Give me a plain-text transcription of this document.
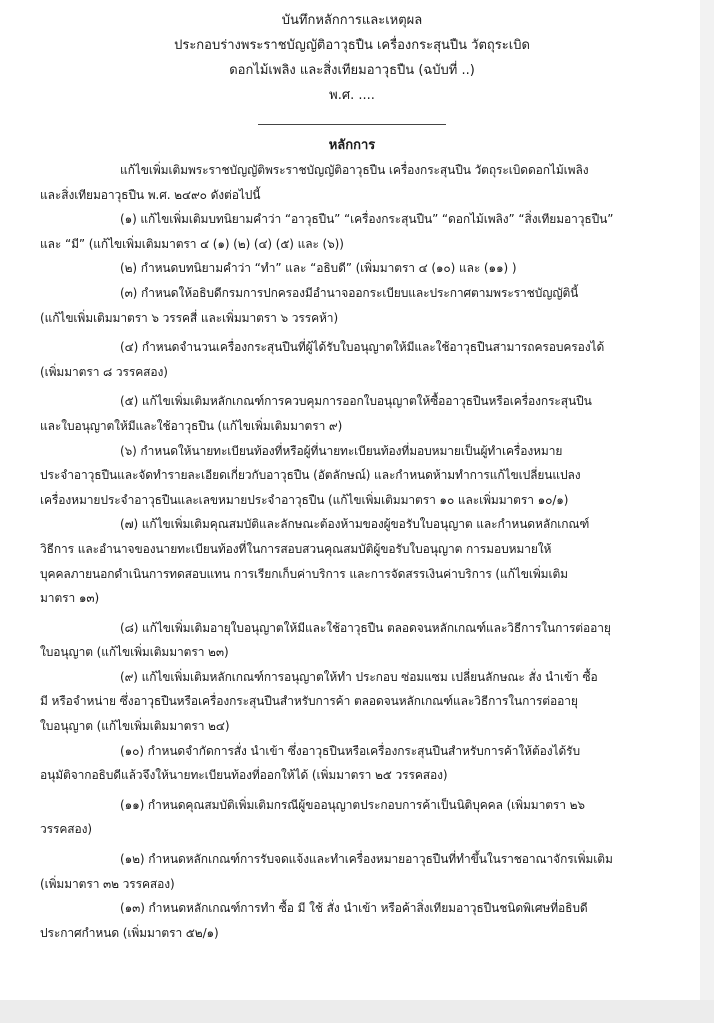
บันทึกหลักการและเหตุผล
ประกอบร่างพระราชบัญญัติอาวุธปืน เครื่องกระสุนปืน วัตถุระเบิด
ดอกไม้เพลิง และสิ่งเทียมอาวุธปืน (ฉบับที่ ..)
พ.ศ. ....
หลักการ

แก้ไขเพิ่มเติมพระราชบัญญัติพระราชบัญญัติอาวุธปืน เครื่องกระสุนปืน วัตถุระเบิดดอกไม้เพลิง
และสิ่งเทียมอาวุธปืน พ.ศ. ๒๔๙๐ ดังต่อไปนี้

(๑) แก้ไขเพิ่มเติมบทนิยามคำว่า “อาวุธปืน” “เครื่องกระสุนปืน” “ดอกไม้เพลิง” “สิ่งเทียมอาวุธปืน”
และ “มี” (แก้ไขเพิ่มเติมมาตรา ๔ (๑) (๒) (๔) (๕) และ (๖))

(๒) กำหนดบทนิยามคำว่า “ทำ” และ “อธิบดี” (เพิ่มมาตรา ๔ (๑๐) และ (๑๑) )

(๓) กำหนดให้อธิบดีกรมการปกครองมีอำนาจออกระเบียบและประกาศตามพระราชบัญญัตินี้
(แก้ไขเพิ่มเติมมาตรา ๖ วรรคสี่ และเพิ่มมาตรา ๖ วรรคห้า)

(๔) กำหนดจำนวนเครื่องกระสุนปืนที่ผู้ได้รับใบอนุญาตให้มีและใช้อาวุธปืนสามารถครอบครองได้
(เพิ่มมาตรา ๘ วรรคสอง)

(๕) แก้ไขเพิ่มเติมหลักเกณฑ์การควบคุมการออกใบอนุญาตให้ซื้ออาวุธปืนหรือเครื่องกระสุนปืน
และใบอนุญาตให้มีและใช้อาวุธปืน (แก้ไขเพิ่มเติมมาตรา ๙)

(๖) กำหนดให้นายทะเบียนท้องที่หรือผู้ที่นายทะเบียนท้องที่มอบหมายเป็นผู้ทำเครื่องหมาย
ประจำอาวุธปืนและจัดทำรายละเอียดเกี่ยวกับอาวุธปืน (อัตลักษณ์) และกำหนดห้ามทำการแก้ไขเปลี่ยนแปลง
เครื่องหมายประจำอาวุธปืนและเลขหมายประจำอาวุธปืน (แก้ไขเพิ่มเติมมาตรา ๑๐ และเพิ่มมาตรา ๑๐/๑)

(๗) แก้ไขเพิ่มเติมคุณสมบัติและลักษณะต้องห้ามของผู้ขอรับใบอนุญาต และกำหนดหลักเกณฑ์
วิธีการ และอำนาจของนายทะเบียนท้องที่ในการสอบสวนคุณสมบัติผู้ขอรับใบอนุญาต การมอบหมายให้
บุคคลภายนอกดำเนินการทดสอบแทน การเรียกเก็บค่าบริการ และการจัดสรรเงินค่าบริการ (แก้ไขเพิ่มเติม
มาตรา ๑๓)

(๘) แก้ไขเพิ่มเติมอายุใบอนุญาตให้มีและใช้อาวุธปืน ตลอดจนหลักเกณฑ์และวิธีการในการต่ออายุ
ใบอนุญาต (แก้ไขเพิ่มเติมมาตรา ๒๓)

(๙) แก้ไขเพิ่มเติมหลักเกณฑ์การอนุญาตให้ทำ ประกอบ ซ่อมแซม เปลี่ยนลักษณะ สั่ง นำเข้า ซื้อ
มี หรือจำหน่าย ซึ่งอาวุธปืนหรือเครื่องกระสุนปืนสำหรับการค้า ตลอดจนหลักเกณฑ์และวิธีการในการต่ออายุ
ใบอนุญาต (แก้ไขเพิ่มเติมมาตรา ๒๔)

(๑๐) กำหนดจำกัดการสั่ง นำเข้า ซึ่งอาวุธปืนหรือเครื่องกระสุนปืนสำหรับการค้าให้ต้องได้รับ
อนุมัติจากอธิบดีแล้วจึงให้นายทะเบียนท้องที่ออกให้ได้ (เพิ่มมาตรา ๒๕ วรรคสอง)

(๑๑) กำหนดคุณสมบัติเพิ่มเติมกรณีผู้ขออนุญาตประกอบการค้าเป็นนิติบุคคล (เพิ่มมาตรา ๒๖
วรรคสอง)

(๑๒) กำหนดหลักเกณฑ์การรับจดแจ้งและทำเครื่องหมายอาวุธปืนที่ทำขึ้นในราชอาณาจักรเพิ่มเติม
(เพิ่มมาตรา ๓๒ วรรคสอง)

(๑๓) กำหนดหลักเกณฑ์การทำ ซื้อ มี ใช้ สั่ง นำเข้า หรือค้าสิ่งเทียมอาวุธปืนชนิดพิเศษที่อธิบดี
ประกาศกำหนด (เพิ่มมาตรา ๕๒/๑)
